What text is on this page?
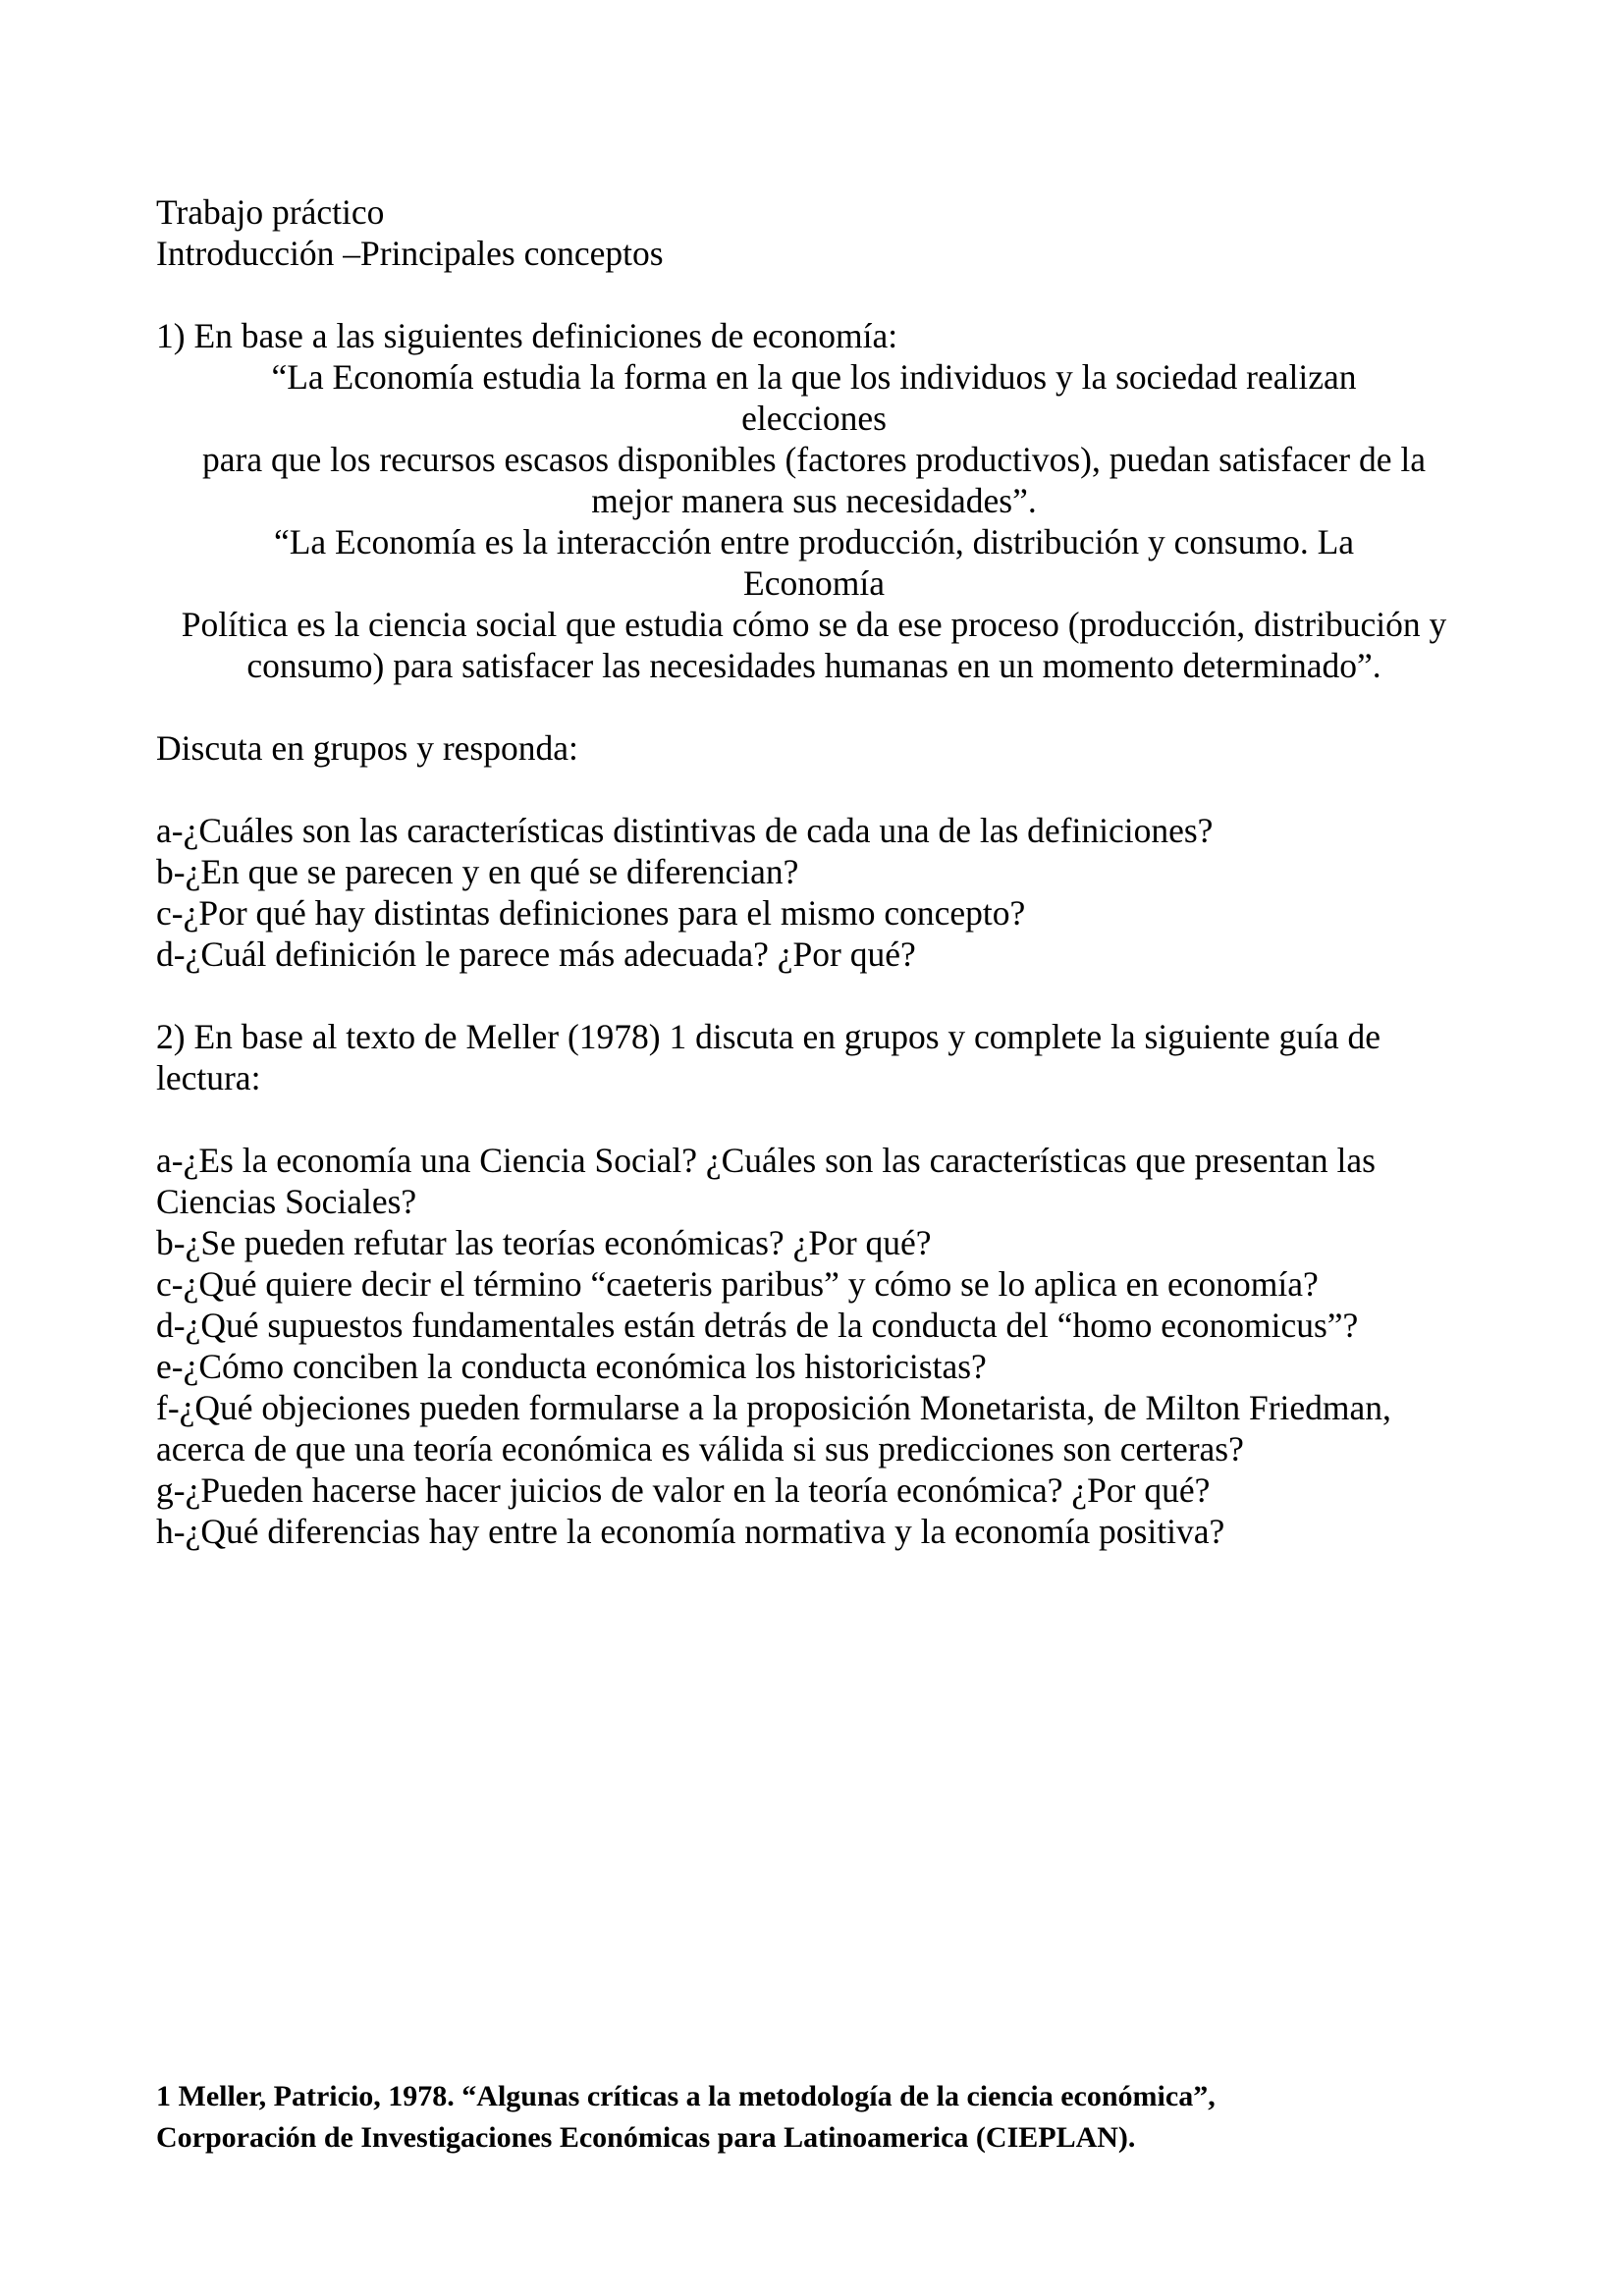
Trabajo práctico
Introducción –Principales conceptos
1) En base a las siguientes definiciones de economía:
“La Economía estudia la forma en la que los individuos y la sociedad realizan
elecciones
para que los recursos escasos disponibles (factores productivos), puedan satisfacer de la
mejor manera sus necesidades”.
“La Economía es la interacción entre producción, distribución y consumo. La
Economía
Política es la ciencia social que estudia cómo se da ese proceso (producción, distribución y
consumo) para satisfacer las necesidades humanas en un momento determinado”.
Discuta en grupos y responda:
a-¿Cuáles son las características distintivas de cada una de las definiciones?
b-¿En que se parecen y en qué se diferencian?
c-¿Por qué hay distintas definiciones para el mismo concepto?
d-¿Cuál definición le parece más adecuada? ¿Por qué?
2) En base al texto de Meller (1978) 1 discuta en grupos y complete la siguiente guía de
lectura:
a-¿Es la economía una Ciencia Social? ¿Cuáles son las características que presentan las
Ciencias Sociales?
b-¿Se pueden refutar las teorías económicas? ¿Por qué?
c-¿Qué quiere decir el término “caeteris paribus” y cómo se lo aplica en economía?
d-¿Qué supuestos fundamentales están detrás de la conducta del “homo economicus”?
e-¿Cómo conciben la conducta económica los historicistas?
f-¿Qué objeciones pueden formularse a la proposición Monetarista, de Milton Friedman,
acerca de que una teoría económica es válida si sus predicciones son certeras?
g-¿Pueden hacerse hacer juicios de valor en la teoría económica? ¿Por qué?
h-¿Qué diferencias hay entre la economía normativa y la economía positiva?
1 Meller, Patricio, 1978. “Algunas críticas a la metodología de la ciencia económica”,
Corporación de Investigaciones Económicas para Latinoamerica (CIEPLAN).
